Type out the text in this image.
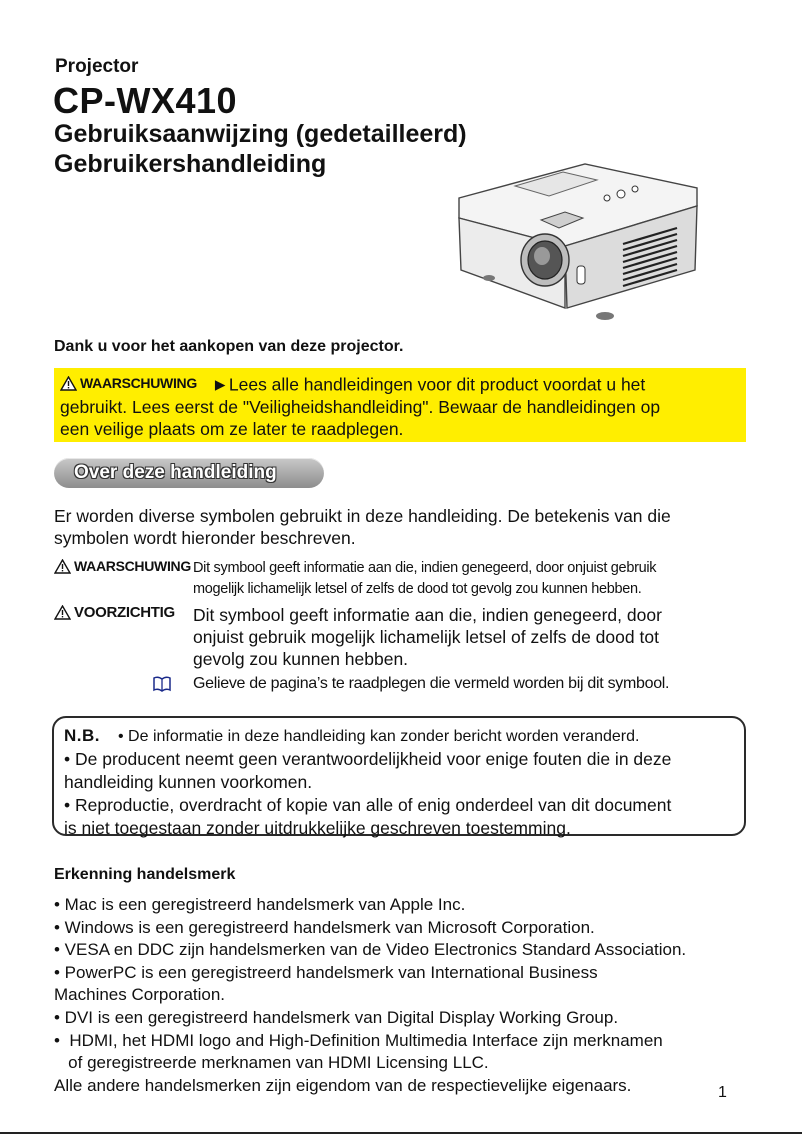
Projector
CP-WX410
Gebruiksaanwijzing (gedetailleerd)
Gebruikershandleiding
Dank u voor het aankopen van deze projector.
WAARSCHUWING ►Lees alle handleidingen voor dit product voordat u het
gebruikt. Lees eerst de "Veiligheidshandleiding". Bewaar de handleidingen op
een veilige plaats om ze later te raadplegen.
Over deze handleiding
Er worden diverse symbolen gebruikt in deze handleiding. De betekenis van die
symbolen wordt hieronder beschreven.
WAARSCHUWING Dit symbool geeft informatie aan die, indien genegeerd, door onjuist gebruik
mogelijk lichamelijk letsel of zelfs de dood tot gevolg zou kunnen hebben.
VOORZICHTIG Dit symbool geeft informatie aan die, indien genegeerd, door
onjuist gebruik mogelijk lichamelijk letsel of zelfs de dood tot
gevolg zou kunnen hebben.
Gelieve de pagina’s te raadplegen die vermeld worden bij dit symbool.
N.B. • De informatie in deze handleiding kan zonder bericht worden veranderd.
• De producent neemt geen verantwoordelijkheid voor enige fouten die in deze
handleiding kunnen voorkomen.
• Reproductie, overdracht of kopie van alle of enig onderdeel van dit document
is niet toegestaan zonder uitdrukkelijke geschreven toestemming.
Erkenning handelsmerk
• Mac is een geregistreerd handelsmerk van Apple Inc.
• Windows is een geregistreerd handelsmerk van Microsoft Corporation.
• VESA en DDC zijn handelsmerken van de Video Electronics Standard Association.
• PowerPC is een geregistreerd handelsmerk van International Business
Machines Corporation.
• DVI is een geregistreerd handelsmerk van Digital Display Working Group.
•  HDMI, het HDMI logo and High-Definition Multimedia Interface zijn merknamen
of geregistreerde merknamen van HDMI Licensing LLC.
Alle andere handelsmerken zijn eigendom van de respectievelijke eigenaars.	1
